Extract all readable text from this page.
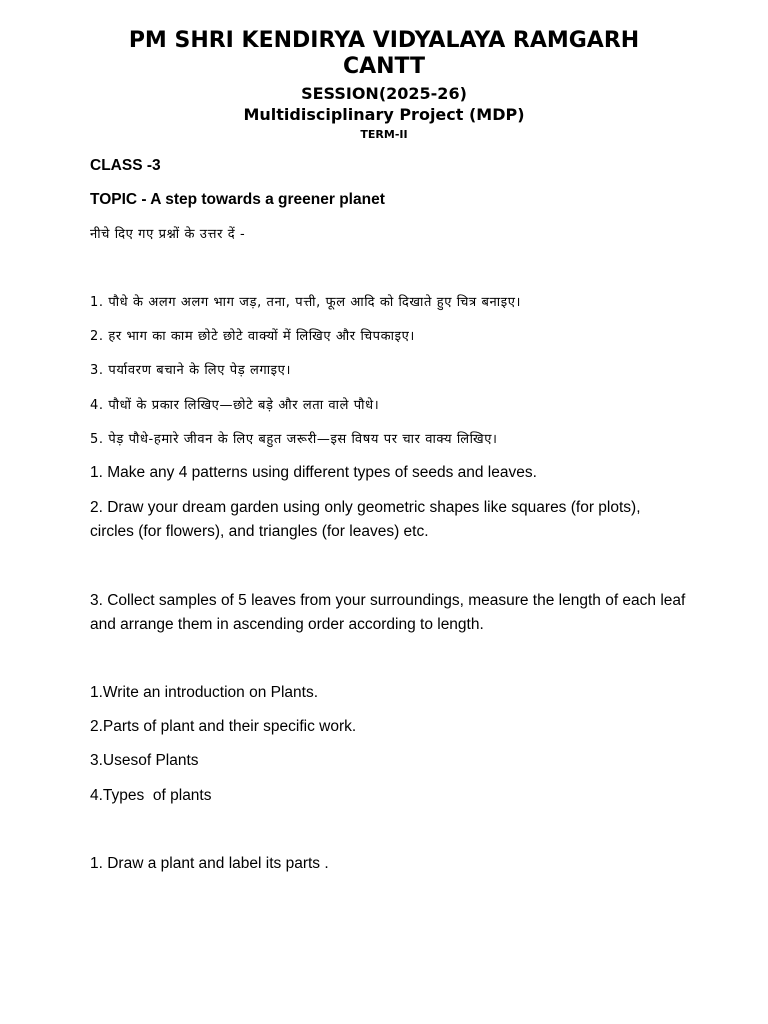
PM SHRI KENDIRYA VIDYALAYA RAMGARH CANTT
SESSION(2025-26)
Multidisciplinary Project (MDP)
TERM-II
CLASS -3
TOPIC - A step towards a greener planet
नीचे दिए गए प्रश्नों के उत्तर दें -
1. पौधे के अलग अलग भाग जड़, तना, पत्ती, फूल आदि को दिखाते हुए चित्र बनाइए।
2. हर भाग का काम छोटे छोटे वाक्यों में लिखिए और चिपकाइए।
3. पर्यावरण बचाने के लिए पेड़ लगाइए।
4. पौधों के प्रकार लिखिए—छोटे बड़े और लता वाले पौधे।
5. पेड़ पौधे-हमारे जीवन के लिए बहुत जरूरी—इस विषय पर चार वाक्य लिखिए।
1. Make any 4 patterns using different types of seeds and leaves.
2. Draw your dream garden using only geometric shapes like squares (for plots), circles (for flowers), and triangles (for leaves) etc.
3. Collect samples of 5 leaves from your surroundings, measure the length of each leaf and arrange them in ascending order according to length.
1.Write an introduction on Plants.
2.Parts of plant and their specific work.
3.Usesof Plants
4.Types  of plants
1. Draw a plant and label its parts .
